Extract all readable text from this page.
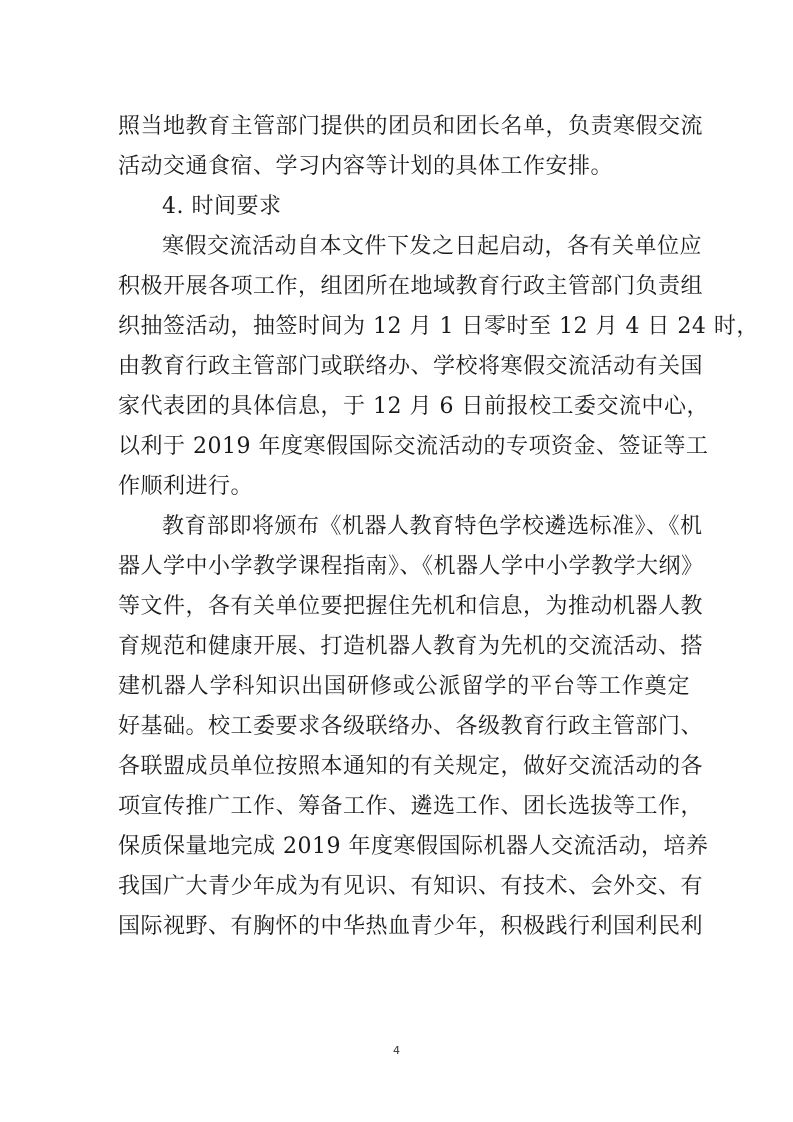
照当地教育主管部门提供的团员和团长名单，负责寒假交流
活动交通食宿、学习内容等计划的具体工作安排。
4. 时间要求
寒假交流活动自本文件下发之日起启动，各有关单位应
积极开展各项工作，组团所在地域教育行政主管部门负责组
织抽签活动，抽签时间为 12 月 1 日零时至 12 月 4 日 24 时，
由教育行政主管部门或联络办、学校将寒假交流活动有关国
家代表团的具体信息，于 12 月 6 日前报校工委交流中心，
以利于 2019 年度寒假国际交流活动的专项资金、签证等工
作顺利进行。
教育部即将颁布《机器人教育特色学校遴选标准》、《机
器人学中小学教学课程指南》、《机器人学中小学教学大纲》
等文件，各有关单位要把握住先机和信息，为推动机器人教
育规范和健康开展、打造机器人教育为先机的交流活动、搭
建机器人学科知识出国研修或公派留学的平台等工作奠定
好基础。校工委要求各级联络办、各级教育行政主管部门、
各联盟成员单位按照本通知的有关规定，做好交流活动的各
项宣传推广工作、筹备工作、遴选工作、团长选拔等工作，
保质保量地完成 2019 年度寒假国际机器人交流活动，培养
我国广大青少年成为有见识、有知识、有技术、会外交、有
国际视野、有胸怀的中华热血青少年，积极践行利国利民利
4
